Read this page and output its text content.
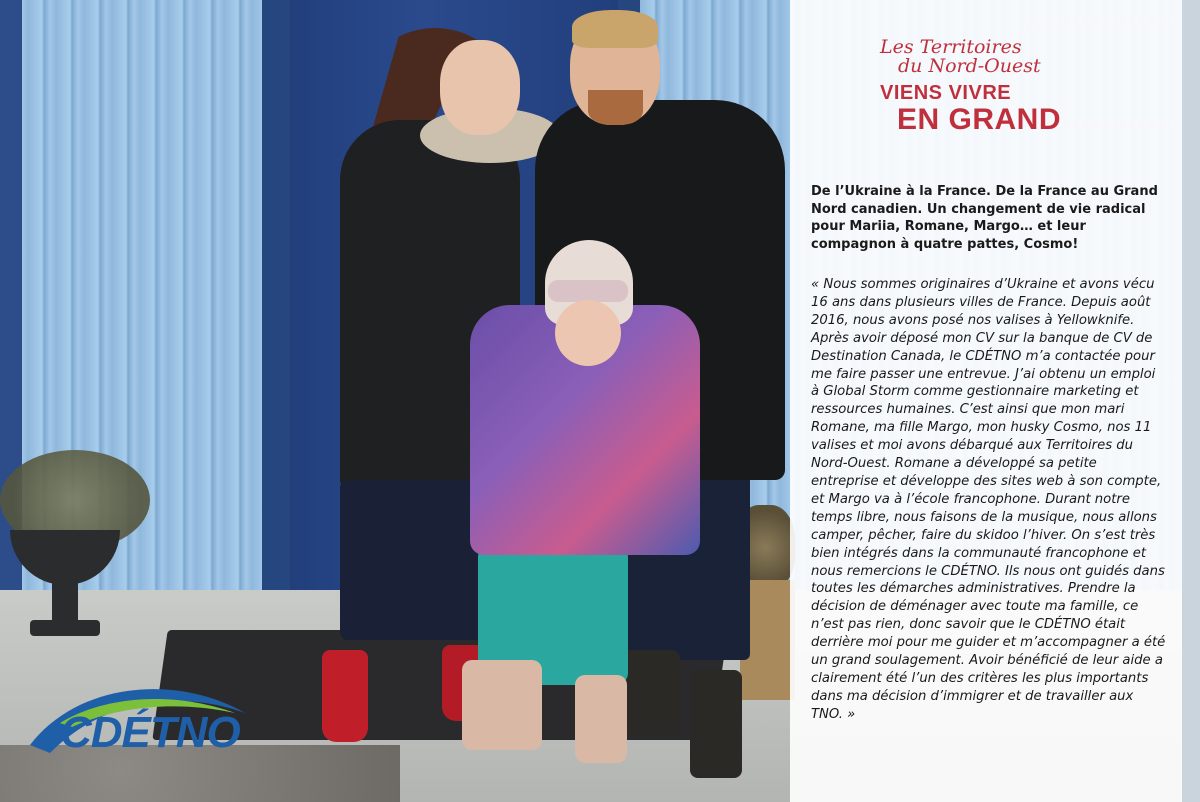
Les Territoires
du Nord-Ouest
VIENS VIVRE
EN GRAND
De l’Ukraine à la France. De la France au Grand Nord canadien. Un changement de vie radical pour Mariia, Romane, Margo… et leur compagnon à quatre pattes, Cosmo!

« Nous sommes originaires d’Ukraine et avons vécu 16 ans dans plusieurs villes de France. Depuis août 2016, nous avons posé nos valises à Yellowknife.

Après avoir déposé mon CV sur la banque de CV de Destination Canada, le CDÉTNO m’a contactée pour me faire passer une entrevue. J’ai obtenu un emploi à Global Storm comme gestionnaire marketing et ressources humaines. C’est ainsi que mon mari Romane, ma fille Margo, mon husky Cosmo, nos 11 valises et moi avons débarqué aux Territoires du Nord-Ouest. Romane a développé sa petite entreprise et développe des sites web à son compte, et Margo va à l’école francophone. Durant notre temps libre, nous faisons de la musique, nous allons camper, pêcher, faire du skidoo l’hiver. On s’est très bien intégrés dans la communauté francophone et nous remercions le CDÉTNO. Ils nous ont guidés dans toutes les démarches administratives. Prendre la décision de déménager avec toute ma famille, ce n’est pas rien, donc savoir que le CDÉTNO était derrière moi pour me guider et m’accompagner a été un grand soulagement. Avoir bénéficié de leur aide a clairement été l’un des critères les plus importants dans ma décision d’immigrer et de travailler aux TNO. »

CDÉTNO
